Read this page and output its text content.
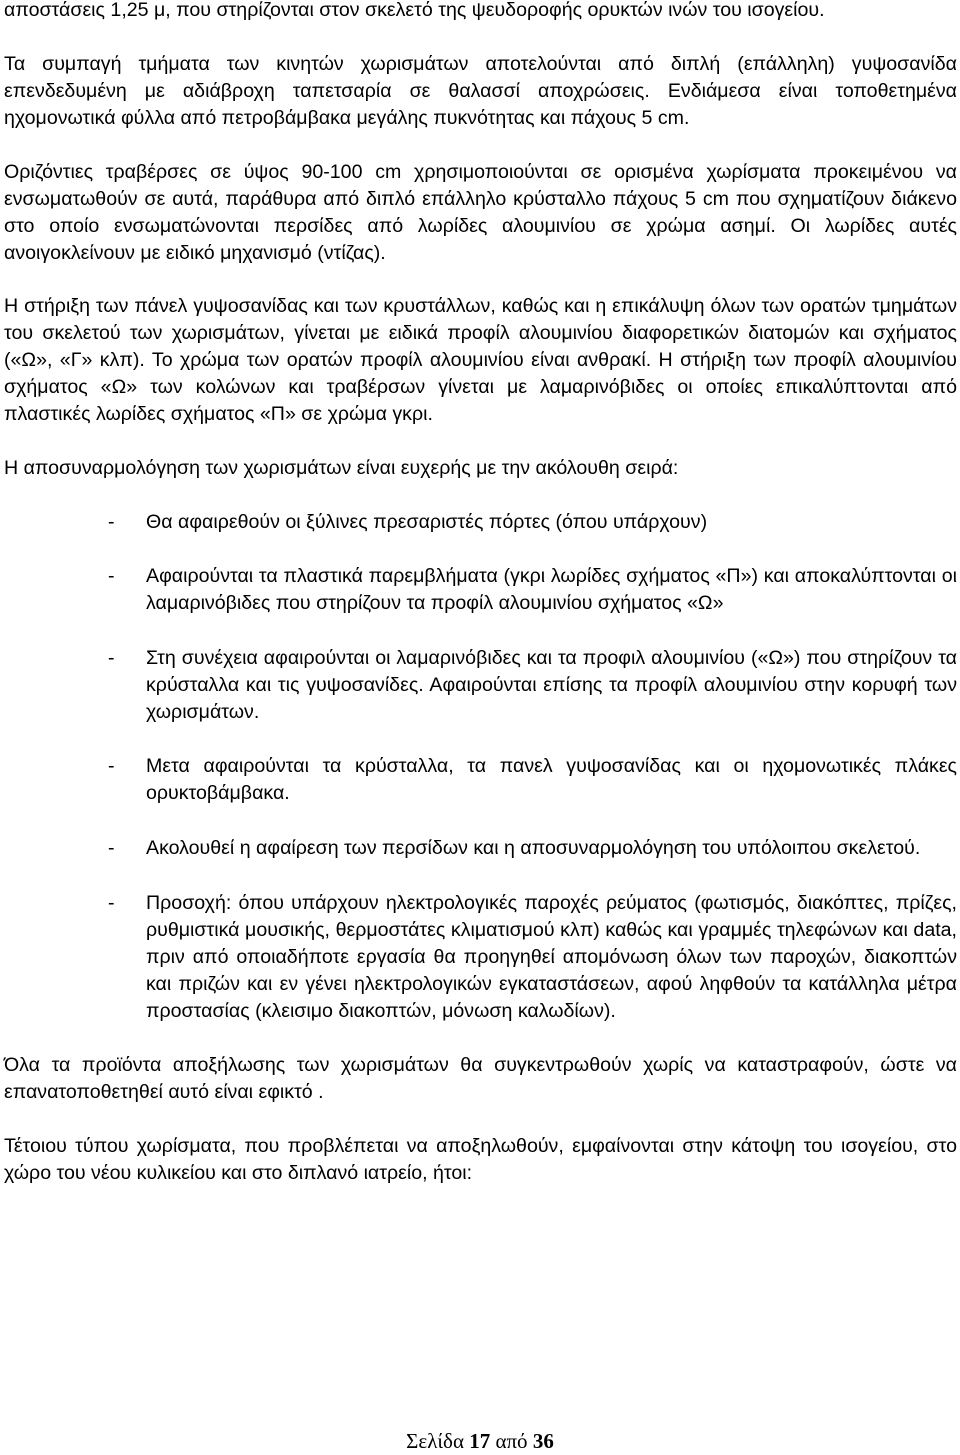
αποστάσεις 1,25 μ, που στηρίζονται στον σκελετό της ψευδοροφής ορυκτών ινών του ισογείου.

Τα συμπαγή τμήματα των κινητών χωρισμάτων αποτελούνται από διπλή (επάλληλη) γυψοσανίδα επενδεδυμένη με αδιάβροχη ταπετσαρία σε θαλασσί αποχρώσεις. Ενδιάμεσα είναι τοποθετημένα ηχομονωτικά φύλλα από πετροβάμβακα μεγάλης πυκνότητας και πάχους 5 cm.

Οριζόντιες τραβέρσες σε ύψος 90-100 cm χρησιμοποιούνται σε ορισμένα χωρίσματα προκειμένου να ενσωματωθούν σε αυτά, παράθυρα από διπλό επάλληλο κρύσταλλο πάχους 5 cm που σχηματίζουν διάκενο στο οποίο ενσωματώνονται περσίδες από λωρίδες αλουμινίου σε χρώμα ασημί. Οι λωρίδες αυτές ανοιγοκλείνουν με ειδικό μηχανισμό (ντίζας).

Η στήριξη των πάνελ γυψοσανίδας και των κρυστάλλων, καθώς και η επικάλυψη όλων των ορατών τμημάτων του σκελετού των χωρισμάτων, γίνεται με ειδικά προφίλ αλουμινίου διαφορετικών διατομών και σχήματος («Ω», «Γ» κλπ). Το χρώμα των ορατών προφίλ αλουμινίου είναι ανθρακί. Η στήριξη των προφίλ αλουμινίου σχήματος «Ω» των κολώνων και τραβέρσων γίνεται με λαμαρινόβιδες οι οποίες επικαλύπτονται από πλαστικές λωρίδες σχήματος «Π» σε χρώμα γκρι.

Η αποσυναρμολόγηση των χωρισμάτων είναι ευχερής με την ακόλουθη σειρά:

- Θα αφαιρεθούν οι ξύλινες πρεσαριστές πόρτες (όπου υπάρχουν)
- Αφαιρούνται τα πλαστικά παρεμβλήματα (γκρι λωρίδες σχήματος «Π») και αποκαλύπτονται οι λαμαρινόβιδες που στηρίζουν τα προφίλ αλουμινίου σχήματος «Ω»
- Στη συνέχεια αφαιρούνται οι λαμαρινόβιδες και τα προφιλ αλουμινίου («Ω») που στηρίζουν τα κρύσταλλα και τις γυψοσανίδες. Αφαιρούνται επίσης τα προφίλ αλουμινίου στην κορυφή των χωρισμάτων.
- Μετα αφαιρούνται τα κρύσταλλα, τα πανελ γυψοσανίδας και οι ηχομονωτικές πλάκες ορυκτοβάμβακα.
- Ακολουθεί η αφαίρεση των περσίδων και η αποσυναρμολόγηση του υπόλοιπου σκελετού.
- Προσοχή: όπου υπάρχουν ηλεκτρολογικές παροχές ρεύματος (φωτισμός, διακόπτες, πρίζες, ρυθμιστικά μουσικής, θερμοστάτες κλιματισμού κλπ) καθώς και γραμμές τηλεφώνων και data, πριν από οποιαδήποτε εργασία θα προηγηθεί απομόνωση όλων των παροχών, διακοπτών και πριζών και εν γένει ηλεκτρολογικών εγκαταστάσεων, αφού ληφθούν τα κατάλληλα μέτρα προστασίας (κλεισιμο διακοπτών, μόνωση καλωδίων).

Όλα τα προϊόντα αποξήλωσης των χωρισμάτων θα συγκεντρωθούν χωρίς να καταστραφούν, ώστε να επανατοποθετηθεί αυτό είναι εφικτό .

Τέτοιου τύπου χωρίσματα, που προβλέπεται να αποξηλωθούν, εμφαίνονται στην κάτοψη του ισογείου, στο χώρο του νέου κυλικείου και στο διπλανό ιατρείο, ήτοι:

Σελίδα 17 από 36
